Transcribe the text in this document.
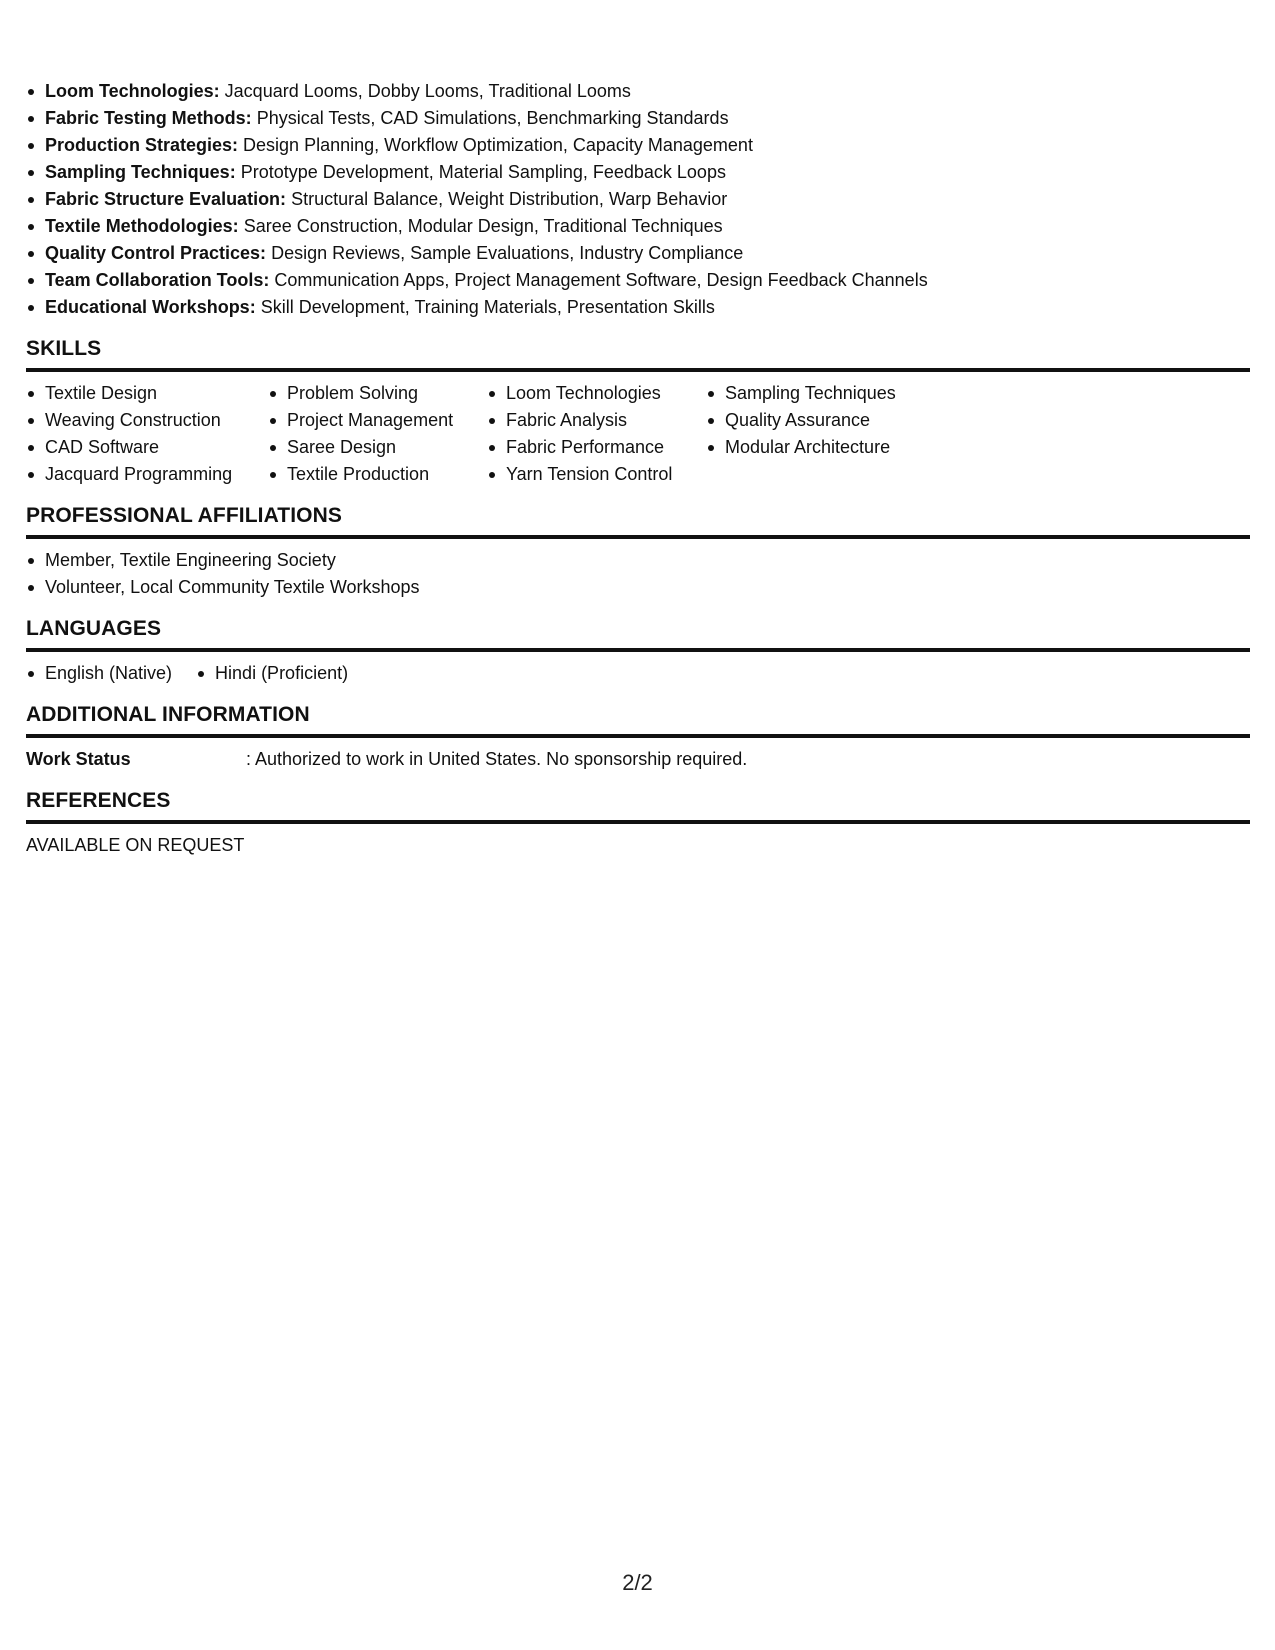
Loom Technologies: Jacquard Looms, Dobby Looms, Traditional Looms
Fabric Testing Methods: Physical Tests, CAD Simulations, Benchmarking Standards
Production Strategies: Design Planning, Workflow Optimization, Capacity Management
Sampling Techniques: Prototype Development, Material Sampling, Feedback Loops
Fabric Structure Evaluation: Structural Balance, Weight Distribution, Warp Behavior
Textile Methodologies: Saree Construction, Modular Design, Traditional Techniques
Quality Control Practices: Design Reviews, Sample Evaluations, Industry Compliance
Team Collaboration Tools: Communication Apps, Project Management Software, Design Feedback Channels
Educational Workshops: Skill Development, Training Materials, Presentation Skills
SKILLS
Textile Design
Weaving Construction
CAD Software
Jacquard Programming
Problem Solving
Project Management
Saree Design
Textile Production
Loom Technologies
Fabric Analysis
Fabric Performance
Yarn Tension Control
Sampling Techniques
Quality Assurance
Modular Architecture
PROFESSIONAL AFFILIATIONS
Member, Textile Engineering Society
Volunteer, Local Community Textile Workshops
LANGUAGES
English (Native)	Hindi (Proficient)
ADDITIONAL INFORMATION
Work Status	: Authorized to work in United States. No sponsorship required.
REFERENCES
AVAILABLE ON REQUEST
2/2
